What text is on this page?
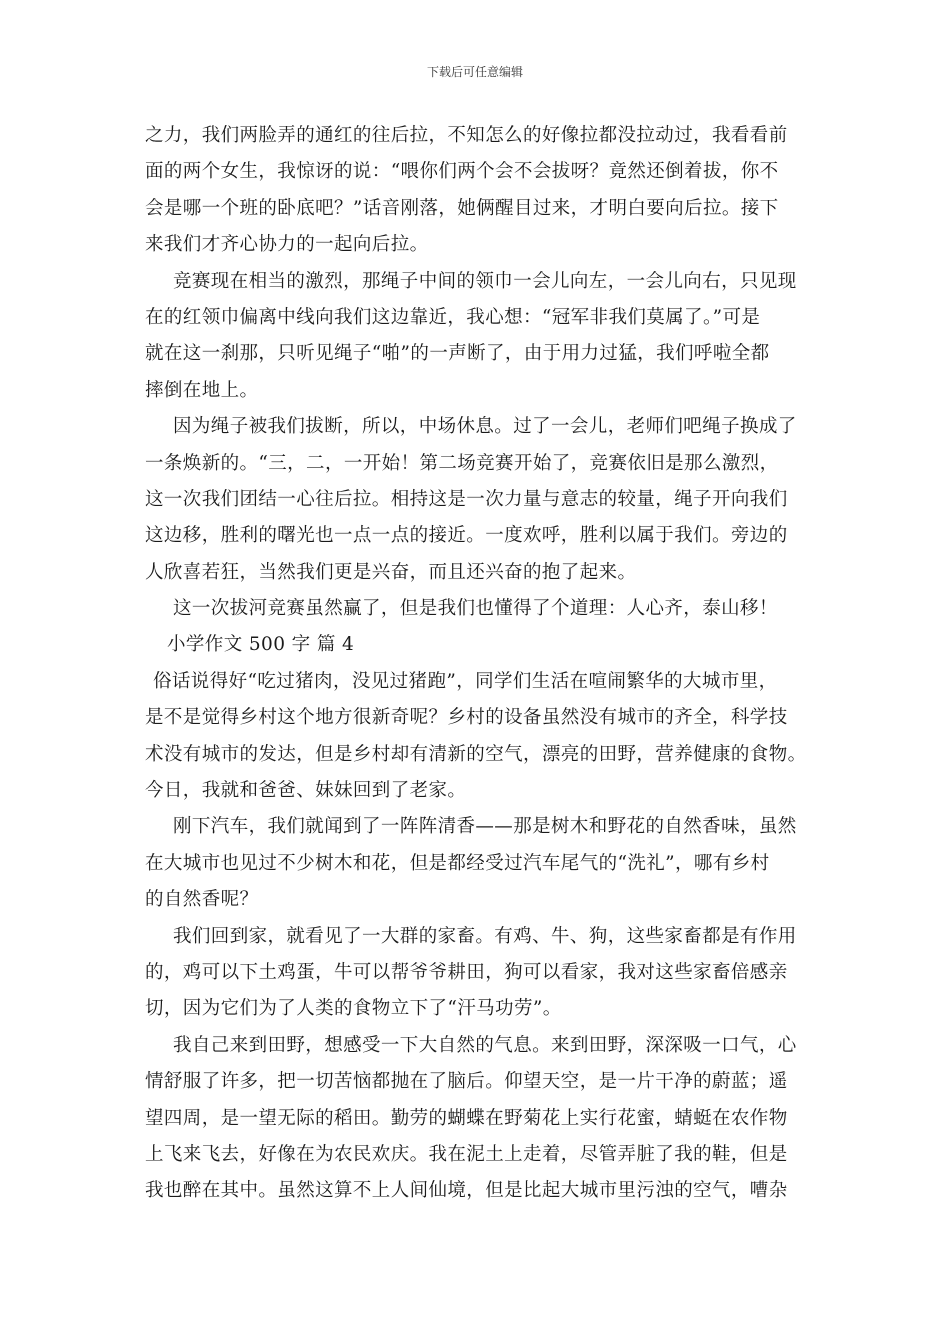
下载后可任意编辑
之力，我们两脸弄的通红的往后拉，不知怎么的好像拉都没拉动过，我看看前
面的两个女生，我惊讶的说：“喂你们两个会不会拔呀？竟然还倒着拔，你不
会是哪一个班的卧底吧？”话音刚落，她俩醒目过来，才明白要向后拉。接下
来我们才齐心协力的一起向后拉。
竞赛现在相当的激烈，那绳子中间的领巾一会儿向左，一会儿向右，只见现
在的红领巾偏离中线向我们这边靠近，我心想：“冠军非我们莫属了。”可是
就在这一刹那，只听见绳子“啪”的一声断了，由于用力过猛，我们呼啦全都
摔倒在地上。
因为绳子被我们拔断，所以，中场休息。过了一会儿，老师们吧绳子换成了
一条焕新的。“三，二，一开始！第二场竞赛开始了，竞赛依旧是那么激烈，
这一次我们团结一心往后拉。相持这是一次力量与意志的较量，绳子开向我们
这边移，胜利的曙光也一点一点的接近。一度欢呼，胜利以属于我们。旁边的
人欣喜若狂，当然我们更是兴奋，而且还兴奋的抱了起来。
这一次拔河竞赛虽然赢了，但是我们也懂得了个道理：人心齐，泰山移！
小学作文 500 字 篇 4
俗话说得好“吃过猪肉，没见过猪跑”，同学们生活在喧闹繁华的大城市里，
是不是觉得乡村这个地方很新奇呢？乡村的设备虽然没有城市的齐全，科学技
术没有城市的发达，但是乡村却有清新的空气，漂亮的田野，营养健康的食物。
今日，我就和爸爸、妹妹回到了老家。
刚下汽车，我们就闻到了一阵阵清香——那是树木和野花的自然香味，虽然
在大城市也见过不少树木和花，但是都经受过汽车尾气的“洗礼”，哪有乡村
的自然香呢？
我们回到家，就看见了一大群的家畜。有鸡、牛、狗，这些家畜都是有作用
的，鸡可以下土鸡蛋，牛可以帮爷爷耕田，狗可以看家，我对这些家畜倍感亲
切，因为它们为了人类的食物立下了“汗马功劳”。
我自己来到田野，想感受一下大自然的气息。来到田野，深深吸一口气，心
情舒服了许多，把一切苦恼都抛在了脑后。仰望天空，是一片干净的蔚蓝；遥
望四周，是一望无际的稻田。勤劳的蝴蝶在野菊花上实行花蜜，蜻蜓在农作物
上飞来飞去，好像在为农民欢庆。我在泥土上走着，尽管弄脏了我的鞋，但是
我也醉在其中。虽然这算不上人间仙境，但是比起大城市里污浊的空气，嘈杂
